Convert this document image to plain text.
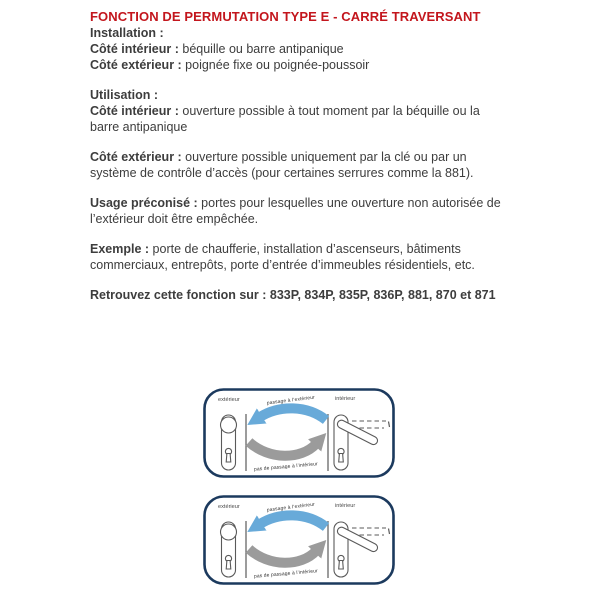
FONCTION DE PERMUTATION TYPE E - CARRÉ TRAVERSANT
Installation :
Côté intérieur : béquille ou barre antipanique
Côté extérieur : poignée fixe ou poignée-poussoir
Utilisation :
Côté intérieur : ouverture possible à tout moment par la béquille ou la
barre antipanique
Côté extérieur : ouverture possible uniquement par la clé ou par un
système de contrôle d’accès (pour certaines serrures comme la 881).
Usage préconisé : portes pour lesquelles une ouverture non autorisée de
l’extérieur doit être empêchée.
Exemple : porte de chaufferie, installation d’ascenseurs, bâtiments
commerciaux, entrepôts, porte d’entrée d’immeubles résidentiels, etc.
Retrouvez cette fonction sur : 833P, 834P, 835P, 836P, 881, 870 et 871
extérieur	intérieur
passage à l’extérieur
pas de passage à l’intérieur
extérieur	intérieur
passage à l’extérieur
pas de passage à l’intérieur
